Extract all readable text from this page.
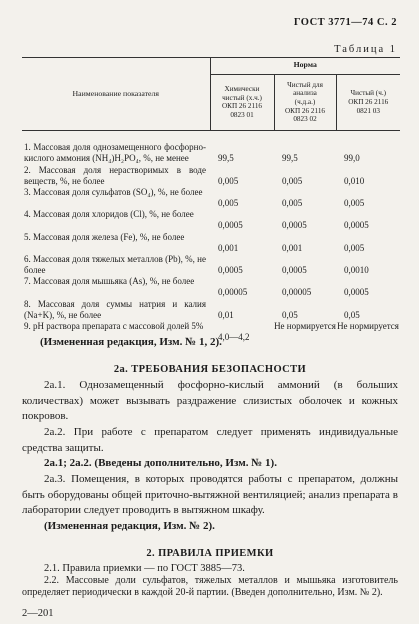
ГОСТ 3771—74 С. 2
Таблица 1
Наименование показателя	Норма		

	Химически
чистый (х.ч.)
ОКП 26 2116
0823 01	Чистый для
анализа
(ч.д.а.)
ОКП 26 2116
0823 02	Чистый (ч.)
ОКП 26 2116
0821 03

1. Массовая доля однозамещенного фосфорно-кислого аммония (NH₄)H₂PO₄, %, не менее	99,5	99,5	99,0
2. Массовая доля нерастворимых в воде веществ, %, не более	0,005	0,005	0,010
3. Массовая доля сульфатов (SO₄), %, не более	0,005	0,005	0,005
4. Массовая доля хлоридов (Cl), %, не более	0,0005	0,0005	0,0005
5. Массовая доля железа (Fe), %, не более	0,001	0,001	0,005
6. Массовая доля тяжелых металлов (Pb), %, не более	0,0005	0,0005	0,0010
7. Массовая доля мышьяка (As), %, не более	0,00005	0,00005	0,0005
8. Массовая доля суммы натрия и калия (Na+K), %, не более	0,01	0,05	0,05
9. pH раствора препарата с массовой долей 5%	4,0—4,2	Не нормируется	Не нормируется
(Измененная редакция, Изм. № 1, 2).
2а. ТРЕБОВАНИЯ БЕЗОПАСНОСТИ
2а.1. Однозамещенный фосфорно-кислый аммоний (в больших количествах) может вызывать раздражение слизистых оболочек и кожных покровов.
2а.2. При работе с препаратом следует применять индивидуальные средства защиты.
2а.1; 2а.2. (Введены дополнительно, Изм. № 1).
2а.3. Помещения, в которых проводятся работы с препаратом, должны быть оборудованы общей приточно-вытяжной вентиляцией; анализ препарата в лаборатории следует проводить в вытяжном шкафу.
(Измененная редакция, Изм. № 2).
2. ПРАВИЛА ПРИЕМКИ
2.1. Правила приемки — по ГОСТ 3885—73.
2.2. Массовые доли сульфатов, тяжелых металлов и мышьяка изготовитель определяет периодически в каждой 20-й партии. (Введен дополнительно, Изм. № 2).
2—201
